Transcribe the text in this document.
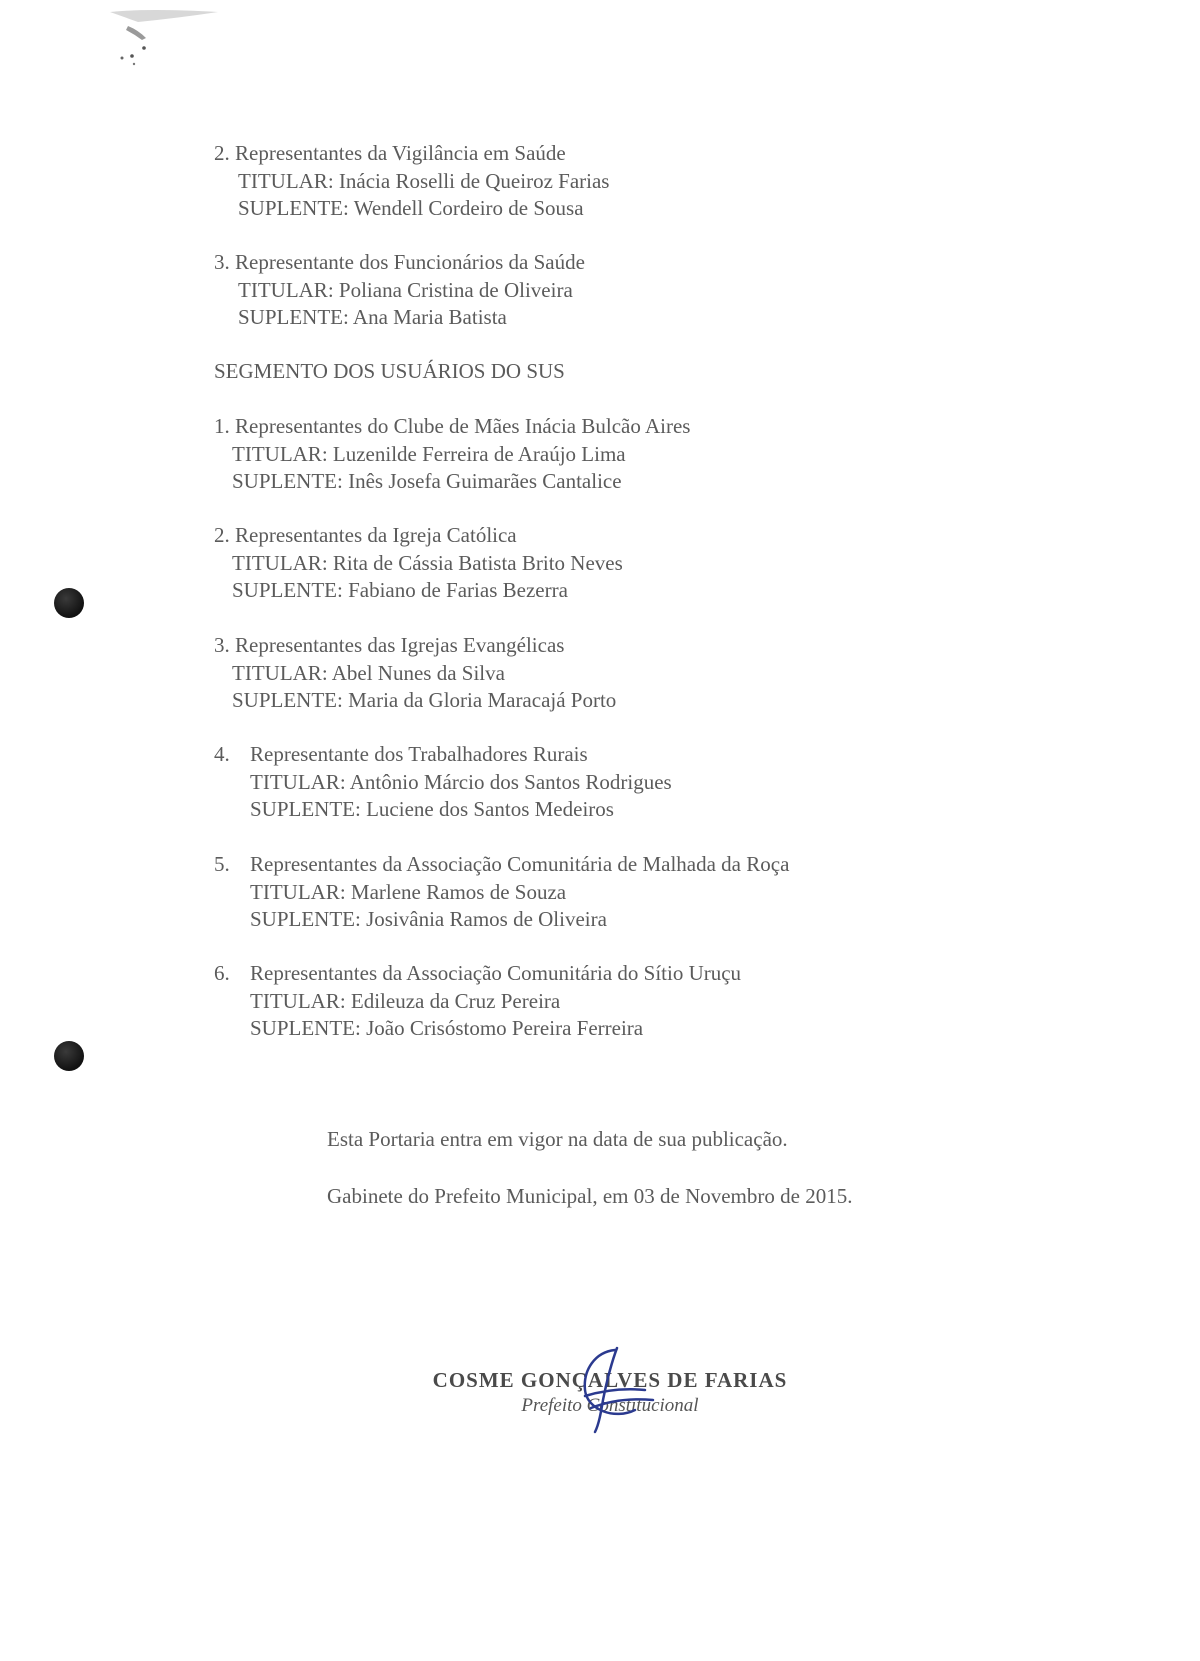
2. Representantes da Vigilância em Saúde
TITULAR: Inácia Roselli de Queiroz Farias
SUPLENTE: Wendell Cordeiro de Sousa
3. Representante dos Funcionários da Saúde
TITULAR: Poliana Cristina de Oliveira
SUPLENTE: Ana Maria Batista
SEGMENTO DOS USUÁRIOS DO SUS
1. Representantes do Clube de Mães Inácia Bulcão Aires
TITULAR: Luzenilde Ferreira de Araújo Lima
SUPLENTE: Inês Josefa Guimarães Cantalice
2. Representantes da Igreja Católica
TITULAR: Rita de Cássia Batista Brito Neves
SUPLENTE: Fabiano de Farias Bezerra
3. Representantes das Igrejas Evangélicas
TITULAR: Abel Nunes da Silva
SUPLENTE: Maria da Gloria Maracajá Porto
4. Representante dos Trabalhadores Rurais
TITULAR: Antônio Márcio dos Santos Rodrigues
SUPLENTE: Luciene dos Santos Medeiros
5. Representantes da Associação Comunitária de Malhada da Roça
TITULAR: Marlene Ramos de Souza
SUPLENTE: Josivânia Ramos de Oliveira
6. Representantes da Associação Comunitária do Sítio Uruçu
TITULAR: Edileuza da Cruz Pereira
SUPLENTE: João Crisóstomo Pereira Ferreira
Esta Portaria entra em vigor na data de sua publicação.
Gabinete do Prefeito Municipal, em 03 de Novembro de 2015.
COSME GONÇALVES DE FARIAS
Prefeito Constitucional
